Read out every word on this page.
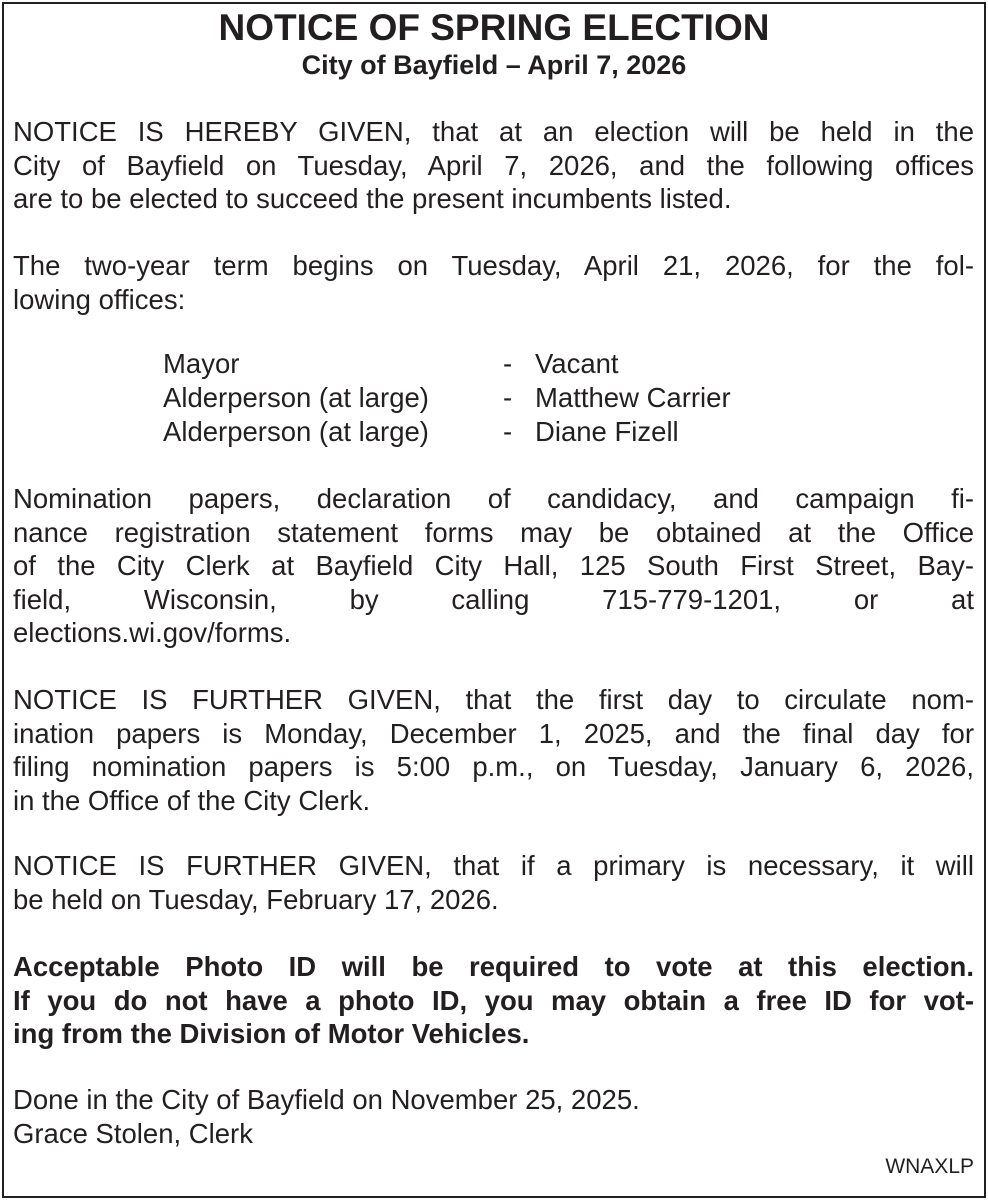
NOTICE OF SPRING ELECTION
City of Bayfield – April 7, 2026
NOTICE IS HEREBY GIVEN, that at an election will be held in the
City of Bayfield on Tuesday, April 7, 2026, and the following offices
are to be elected to succeed the present incumbents listed.
The two-year term begins on Tuesday, April 21, 2026, for the fol-
lowing offices:
Mayor	- Vacant
Alderperson (at large)	- Matthew Carrier
Alderperson (at large)	- Diane Fizell
Nomination papers, declaration of candidacy, and campaign fi-
nance registration statement forms may be obtained at the Office
of the City Clerk at Bayfield City Hall, 125 South First Street, Bay-
field, Wisconsin, by calling 715-779-1201, or at
elections.wi.gov/forms.
NOTICE IS FURTHER GIVEN, that the first day to circulate nom-
ination papers is Monday, December 1, 2025, and the final day for
filing nomination papers is 5:00 p.m., on Tuesday, January 6, 2026,
in the Office of the City Clerk.
NOTICE IS FURTHER GIVEN, that if a primary is necessary, it will
be held on Tuesday, February 17, 2026.
Acceptable Photo ID will be required to vote at this election.
If you do not have a photo ID, you may obtain a free ID for vot-
ing from the Division of Motor Vehicles.
Done in the City of Bayfield on November 25, 2025.
Grace Stolen, Clerk
WNAXLP
